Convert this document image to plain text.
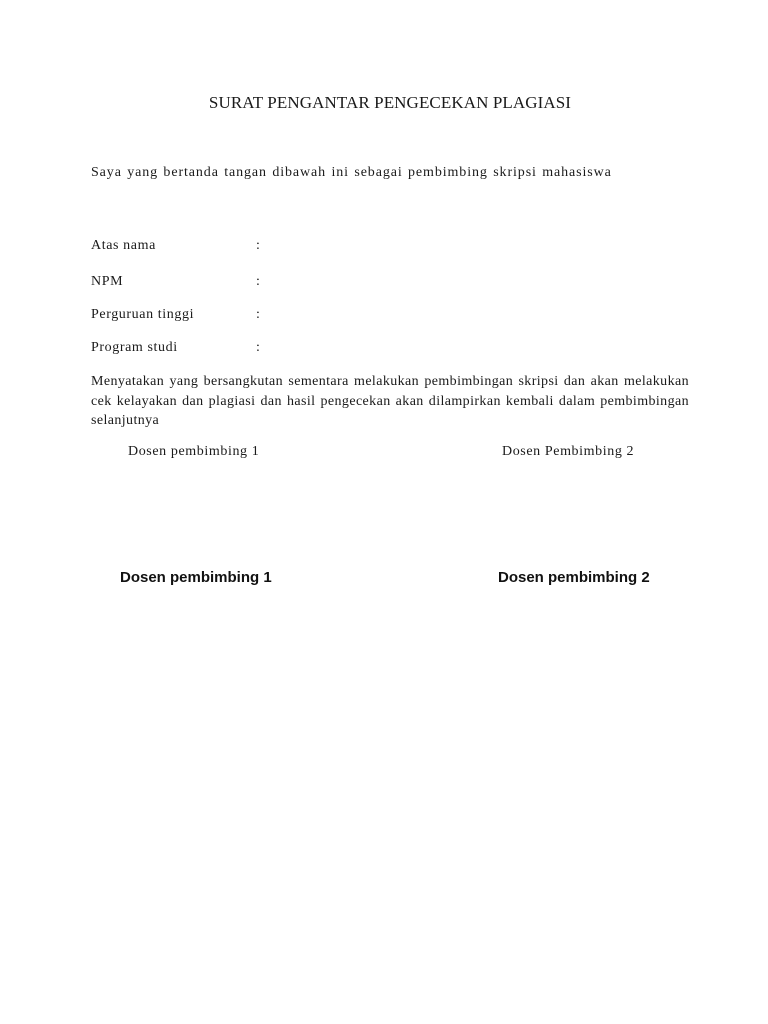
SURAT PENGANTAR PENGECEKAN PLAGIASI
Saya yang bertanda tangan dibawah ini sebagai pembimbing skripsi mahasiswa
Atas nama	:
NPM	:
Perguruan tinggi	:
Program studi	:
Menyatakan yang bersangkutan sementara melakukan pembimbingan skripsi dan akan melakukan cek kelayakan dan plagiasi dan hasil pengecekan akan dilampirkan kembali dalam pembimbingan selanjutnya
Dosen pembimbing 1	Dosen Pembimbing 2
Dosen pembimbing 1	Dosen pembimbing 2
